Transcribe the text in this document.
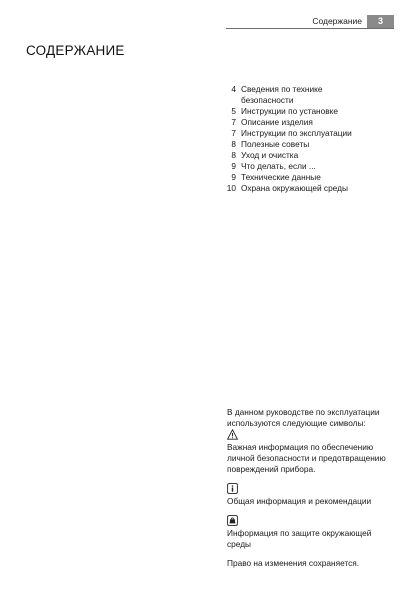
Содержание	3
СОДЕРЖАНИЕ
4 Сведения по технике
безопасности
5 Инструкции по установке
7 Описание изделия
7 Инструкции по эксплуатации
8 Полезные советы
8 Уход и очистка
9 Что делать, если ...
9 Технические данные
10 Охрана окружающей среды

В данном руководстве по эксплуатации
используются следующие символы:

Важная информация по обеспечению
личной безопасности и предотвращению
повреждений прибора.

Общая информация и рекомендации

Информация по защите окружающей
среды

Право на изменения сохраняется.
